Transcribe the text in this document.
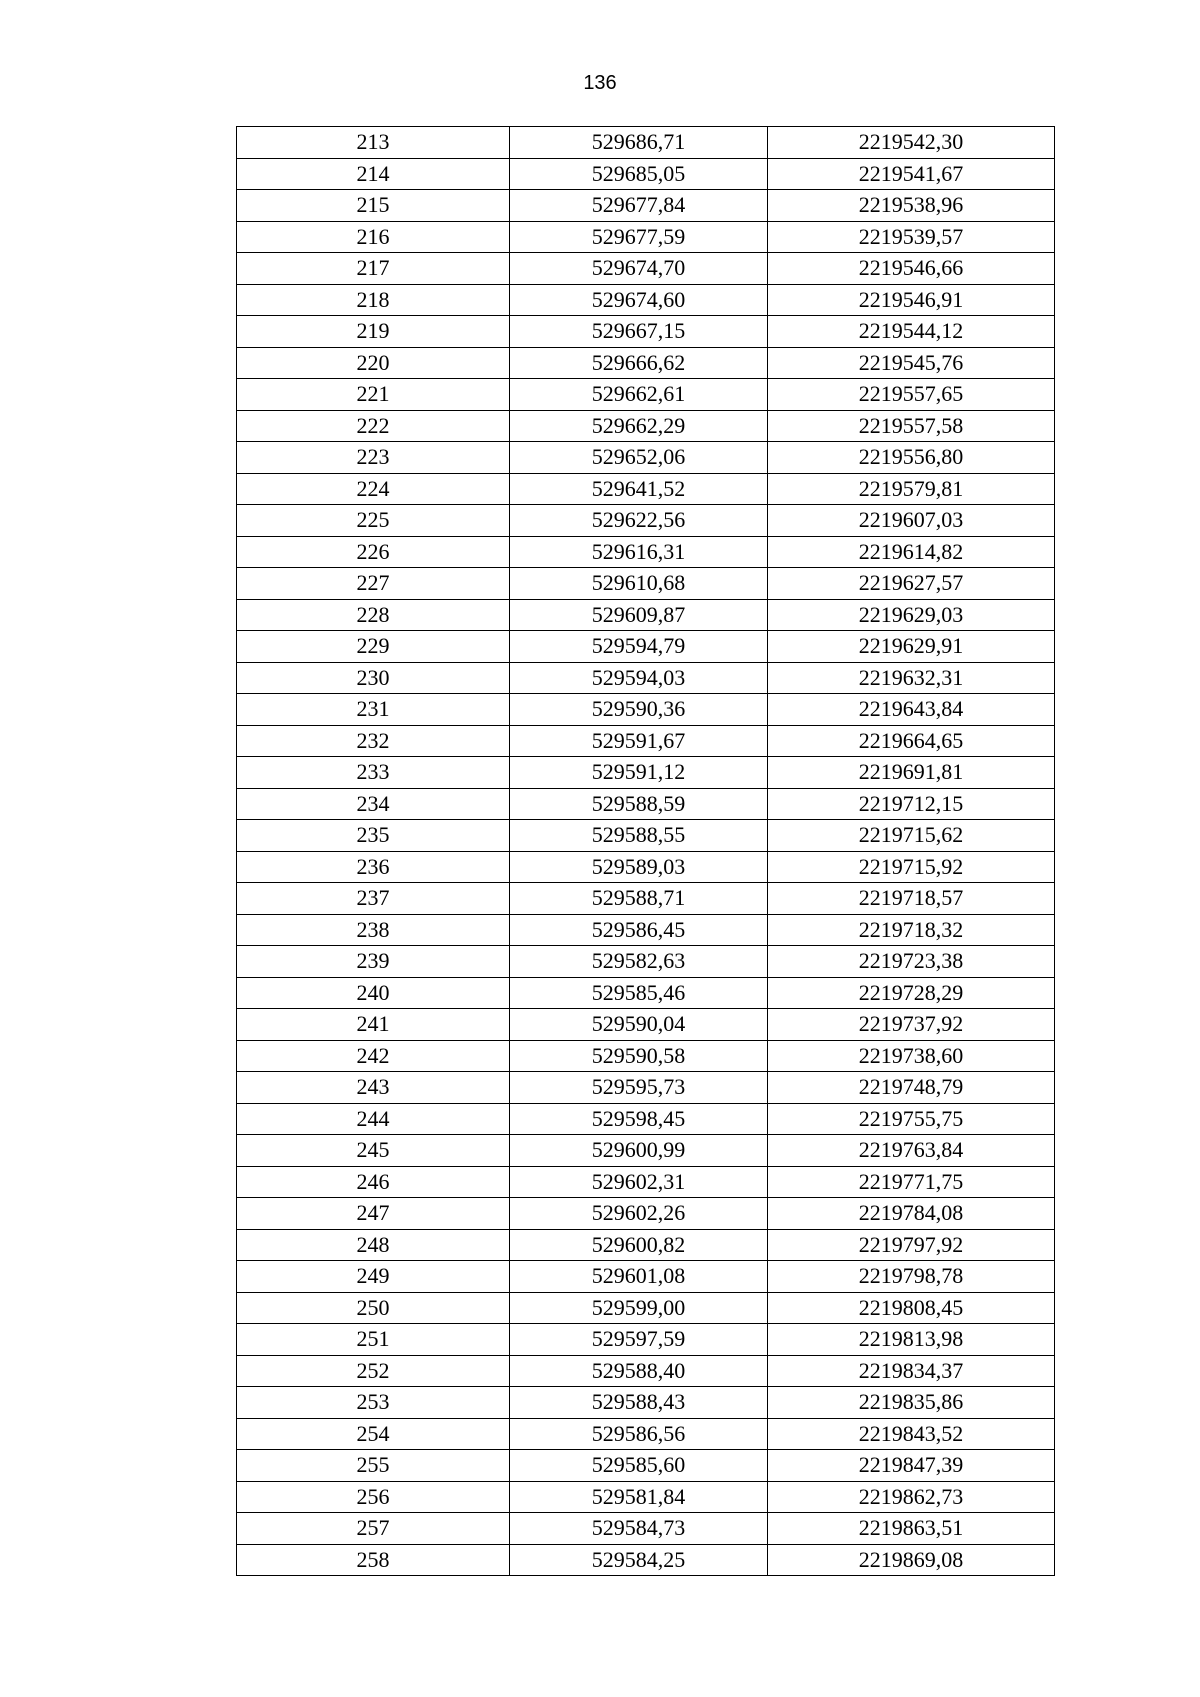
136
213	529686,71	2219542,30
214	529685,05	2219541,67
215	529677,84	2219538,96
216	529677,59	2219539,57
217	529674,70	2219546,66
218	529674,60	2219546,91
219	529667,15	2219544,12
220	529666,62	2219545,76
221	529662,61	2219557,65
222	529662,29	2219557,58
223	529652,06	2219556,80
224	529641,52	2219579,81
225	529622,56	2219607,03
226	529616,31	2219614,82
227	529610,68	2219627,57
228	529609,87	2219629,03
229	529594,79	2219629,91
230	529594,03	2219632,31
231	529590,36	2219643,84
232	529591,67	2219664,65
233	529591,12	2219691,81
234	529588,59	2219712,15
235	529588,55	2219715,62
236	529589,03	2219715,92
237	529588,71	2219718,57
238	529586,45	2219718,32
239	529582,63	2219723,38
240	529585,46	2219728,29
241	529590,04	2219737,92
242	529590,58	2219738,60
243	529595,73	2219748,79
244	529598,45	2219755,75
245	529600,99	2219763,84
246	529602,31	2219771,75
247	529602,26	2219784,08
248	529600,82	2219797,92
249	529601,08	2219798,78
250	529599,00	2219808,45
251	529597,59	2219813,98
252	529588,40	2219834,37
253	529588,43	2219835,86
254	529586,56	2219843,52
255	529585,60	2219847,39
256	529581,84	2219862,73
257	529584,73	2219863,51
258	529584,25	2219869,08
